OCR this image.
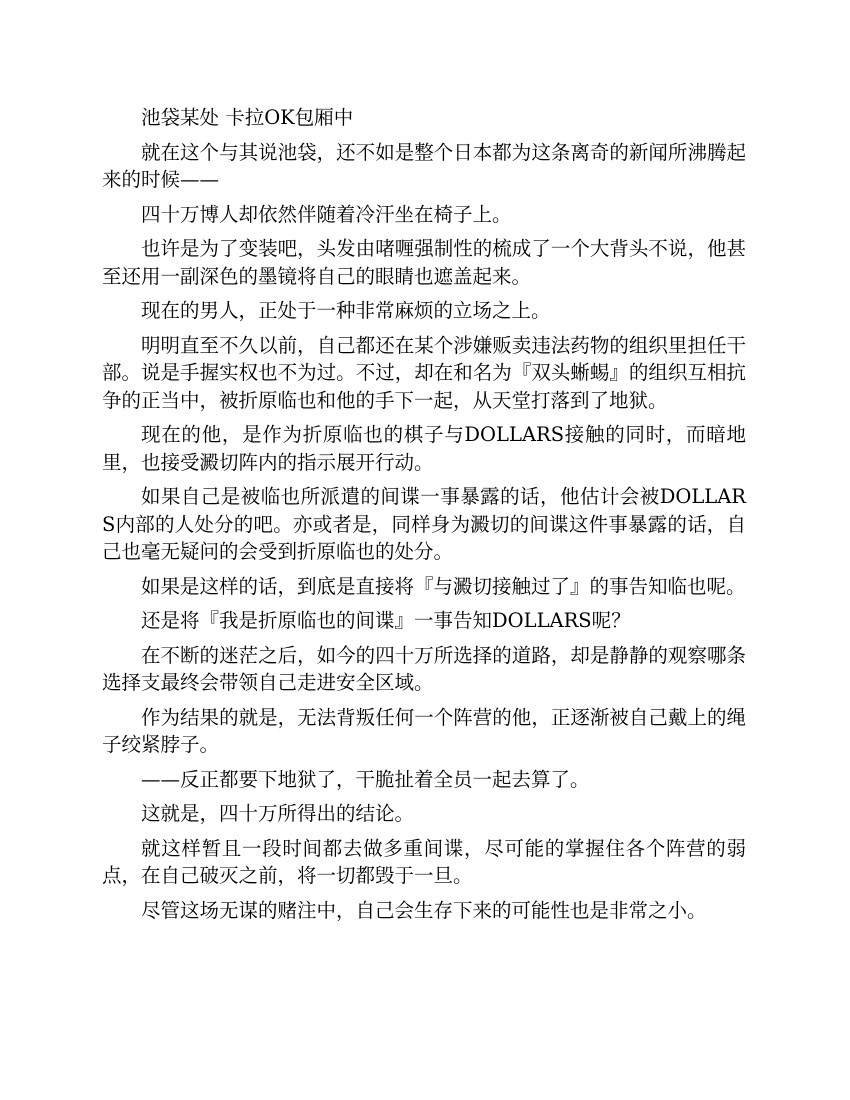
池袋某处 卡拉OK包厢中

就在这个与其说池袋，还不如是整个日本都为这条离奇的新闻所沸腾起来的时候——

四十万博人却依然伴随着冷汗坐在椅子上。

也许是为了变装吧，头发由啫喱强制性的梳成了一个大背头不说，他甚至还用一副深色的墨镜将自己的眼睛也遮盖起来。

现在的男人，正处于一种非常麻烦的立场之上。

明明直至不久以前，自己都还在某个涉嫌贩卖违法药物的组织里担任干部。说是手握实权也不为过。不过，却在和名为『双头蜥蜴』的组织互相抗争的正当中，被折原临也和他的手下一起，从天堂打落到了地狱。

现在的他，是作为折原临也的棋子与DOLLARS接触的同时，而暗地里，也接受澱切阵内的指示展开行动。

如果自己是被临也所派遣的间谍一事暴露的话，他估计会被DOLLARS内部的人处分的吧。亦或者是，同样身为澱切的间谍这件事暴露的话，自己也毫无疑问的会受到折原临也的处分。

如果是这样的话，到底是直接将『与澱切接触过了』的事告知临也呢。

还是将『我是折原临也的间谍』一事告知DOLLARS呢？

在不断的迷茫之后，如今的四十万所选择的道路，却是静静的观察哪条选择支最终会带领自己走进安全区域。

作为结果的就是，无法背叛任何一个阵营的他，正逐渐被自己戴上的绳子绞紧脖子。

——反正都要下地狱了，干脆扯着全员一起去算了。

这就是，四十万所得出的结论。

就这样暂且一段时间都去做多重间谍，尽可能的掌握住各个阵营的弱点，在自己破灭之前，将一切都毁于一旦。

尽管这场无谋的赌注中，自己会生存下来的可能性也是非常之小。
